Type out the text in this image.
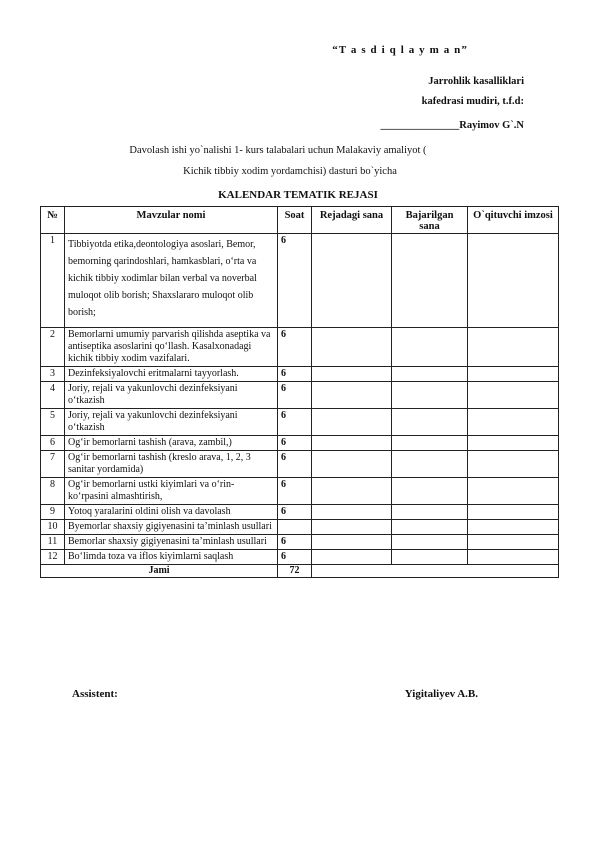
“T a s d i q l a y m a n”
Jarrohlik kasalliklari
kafedrasi mudiri, t.f.d:
_______________Rayimov G`.N
Davolash ishi yo`nalishi 1- kurs talabalari uchun Malakaviy amaliyot (
Kichik tibbiy xodim yordamchisi) dasturi bo`yicha
KALENDAR TEMATIK REJASI
№	Mavzular nomi	Soat	Rejadagi sana	Bajarilgan sana	O`qituvchi imzosi
1	Tibbiyotda etika,deontologiya asoslari, Bemor, bemorning qarindoshlari, hamkasblari, o‘rta va kichik tibbiy xodimlar bilan verbal va noverbal muloqot olib borish; Shaxslararo muloqot olib borish;	6			
2	Bemorlarni umumiy parvarish qilishda aseptika va antiseptika asoslarini qo‘llash. Kasalxonadagi kichik tibbiy xodim vazifalari.	6			
3	Dezinfeksiyalovchi eritmalarni tayyorlash.	6			
4	Joriy, rejali va yakunlovchi dezinfeksiyani o‘tkazish	6			
5	Joriy, rejali va yakunlovchi dezinfeksiyani o‘tkazish	6			
6	Og‘ir bemorlarni tashish (arava, zambil,)	6			
7	Og‘ir bemorlarni tashish (kreslo arava, 1, 2, 3 sanitar yordamida)	6			
8	Og‘ir bemorlarni ustki kiyimlari va o‘rin-ko‘rpasini almashtirish,	6			
9	Yotoq yaralarini oldini olish va davolash	6			
10	Byemorlar shaxsiy gigiyenasini ta’minlash usullari				
11	Bemorlar shaxsiy gigiyenasini ta’minlash usullari	6			
12	Bo‘limda toza va iflos kiyimlarni saqlash	6			
Jami		72			
Assistent:	Yigitaliyev A.B.
